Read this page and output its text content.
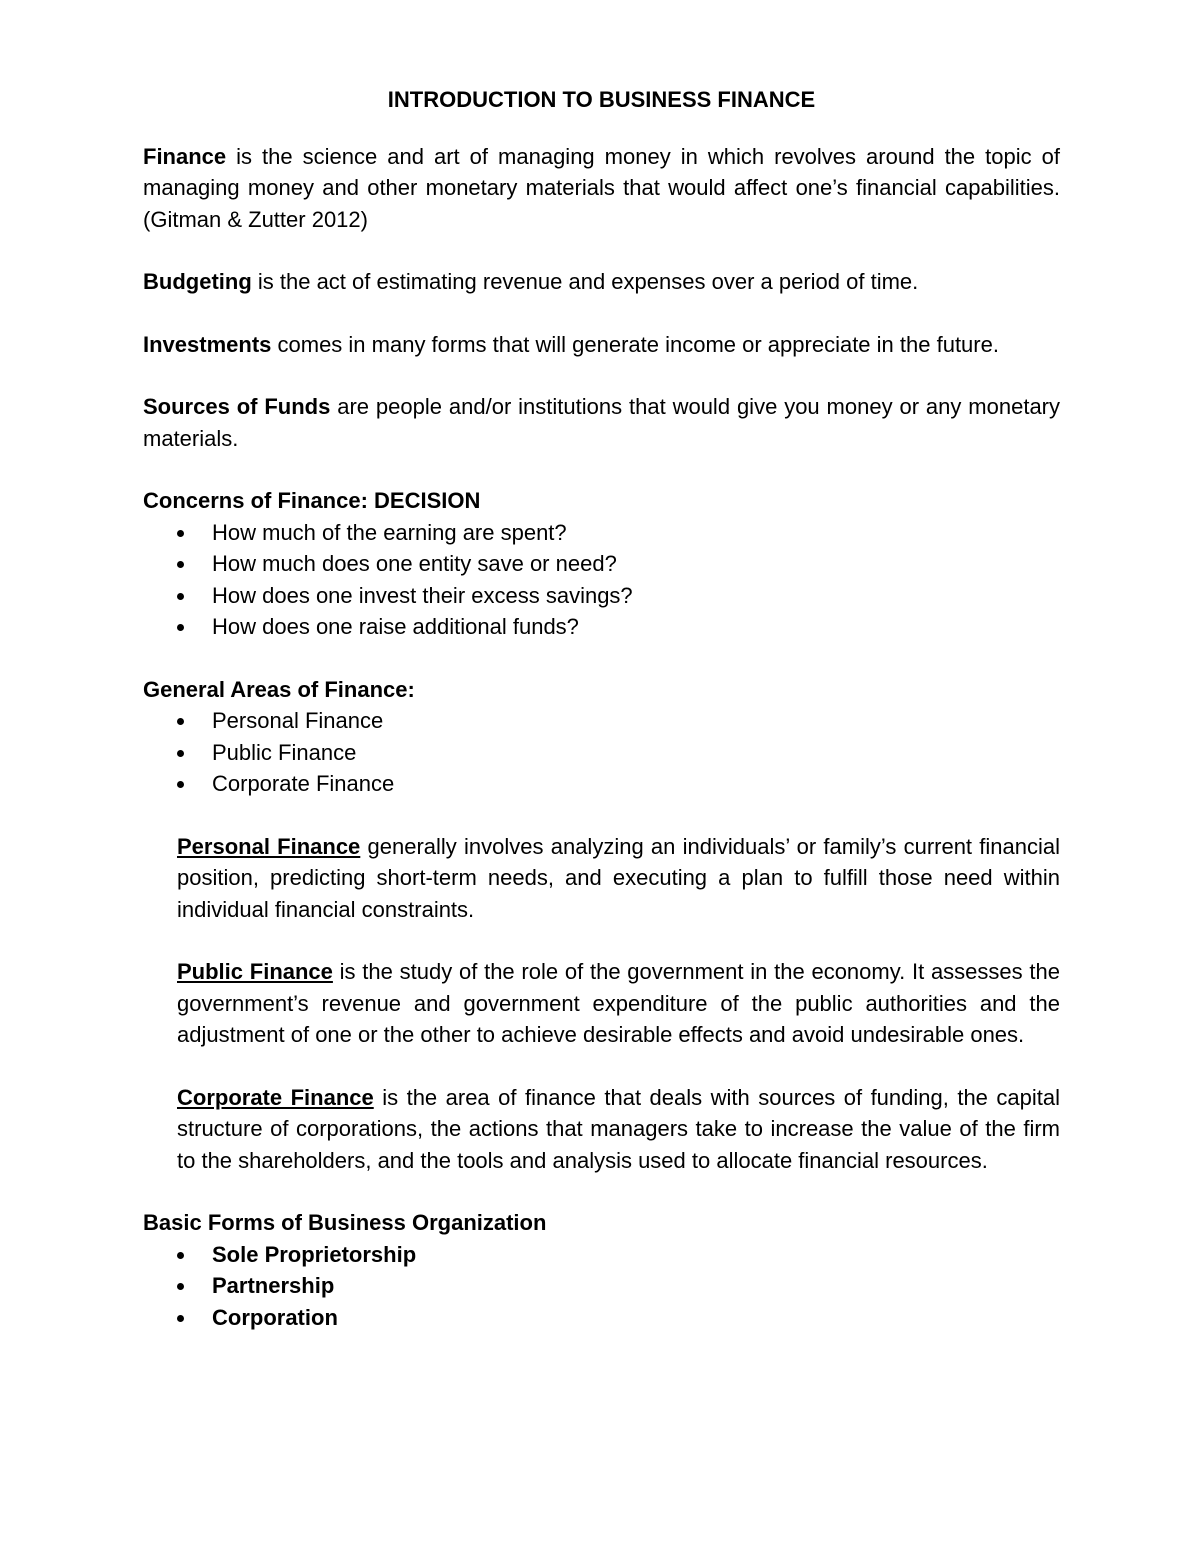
INTRODUCTION TO BUSINESS FINANCE

Finance is the science and art of managing money in which revolves around the topic of managing money and other monetary materials that would affect one’s financial capabilities. (Gitman & Zutter 2012)

Budgeting is the act of estimating revenue and expenses over a period of time.

Investments comes in many forms that will generate income or appreciate in the future.

Sources of Funds are people and/or institutions that would give you money or any monetary materials.

Concerns of Finance: DECISION

How much of the earning are spent?
How much does one entity save or need?
How does one invest their excess savings?
How does one raise additional funds?

General Areas of Finance:

Personal Finance
Public Finance
Corporate Finance

Personal Finance generally involves analyzing an individuals’ or family’s current financial position, predicting short-term needs, and executing a plan to fulfill those need within individual financial constraints.

Public Finance is the study of the role of the government in the economy. It assesses the government’s revenue and government expenditure of the public authorities and the adjustment of one or the other to achieve desirable effects and avoid undesirable ones.

Corporate Finance is the area of finance that deals with sources of funding, the capital structure of corporations, the actions that managers take to increase the value of the firm to the shareholders, and the tools and analysis used to allocate financial resources.

Basic Forms of Business Organization

Sole Proprietorship
Partnership
Corporation
